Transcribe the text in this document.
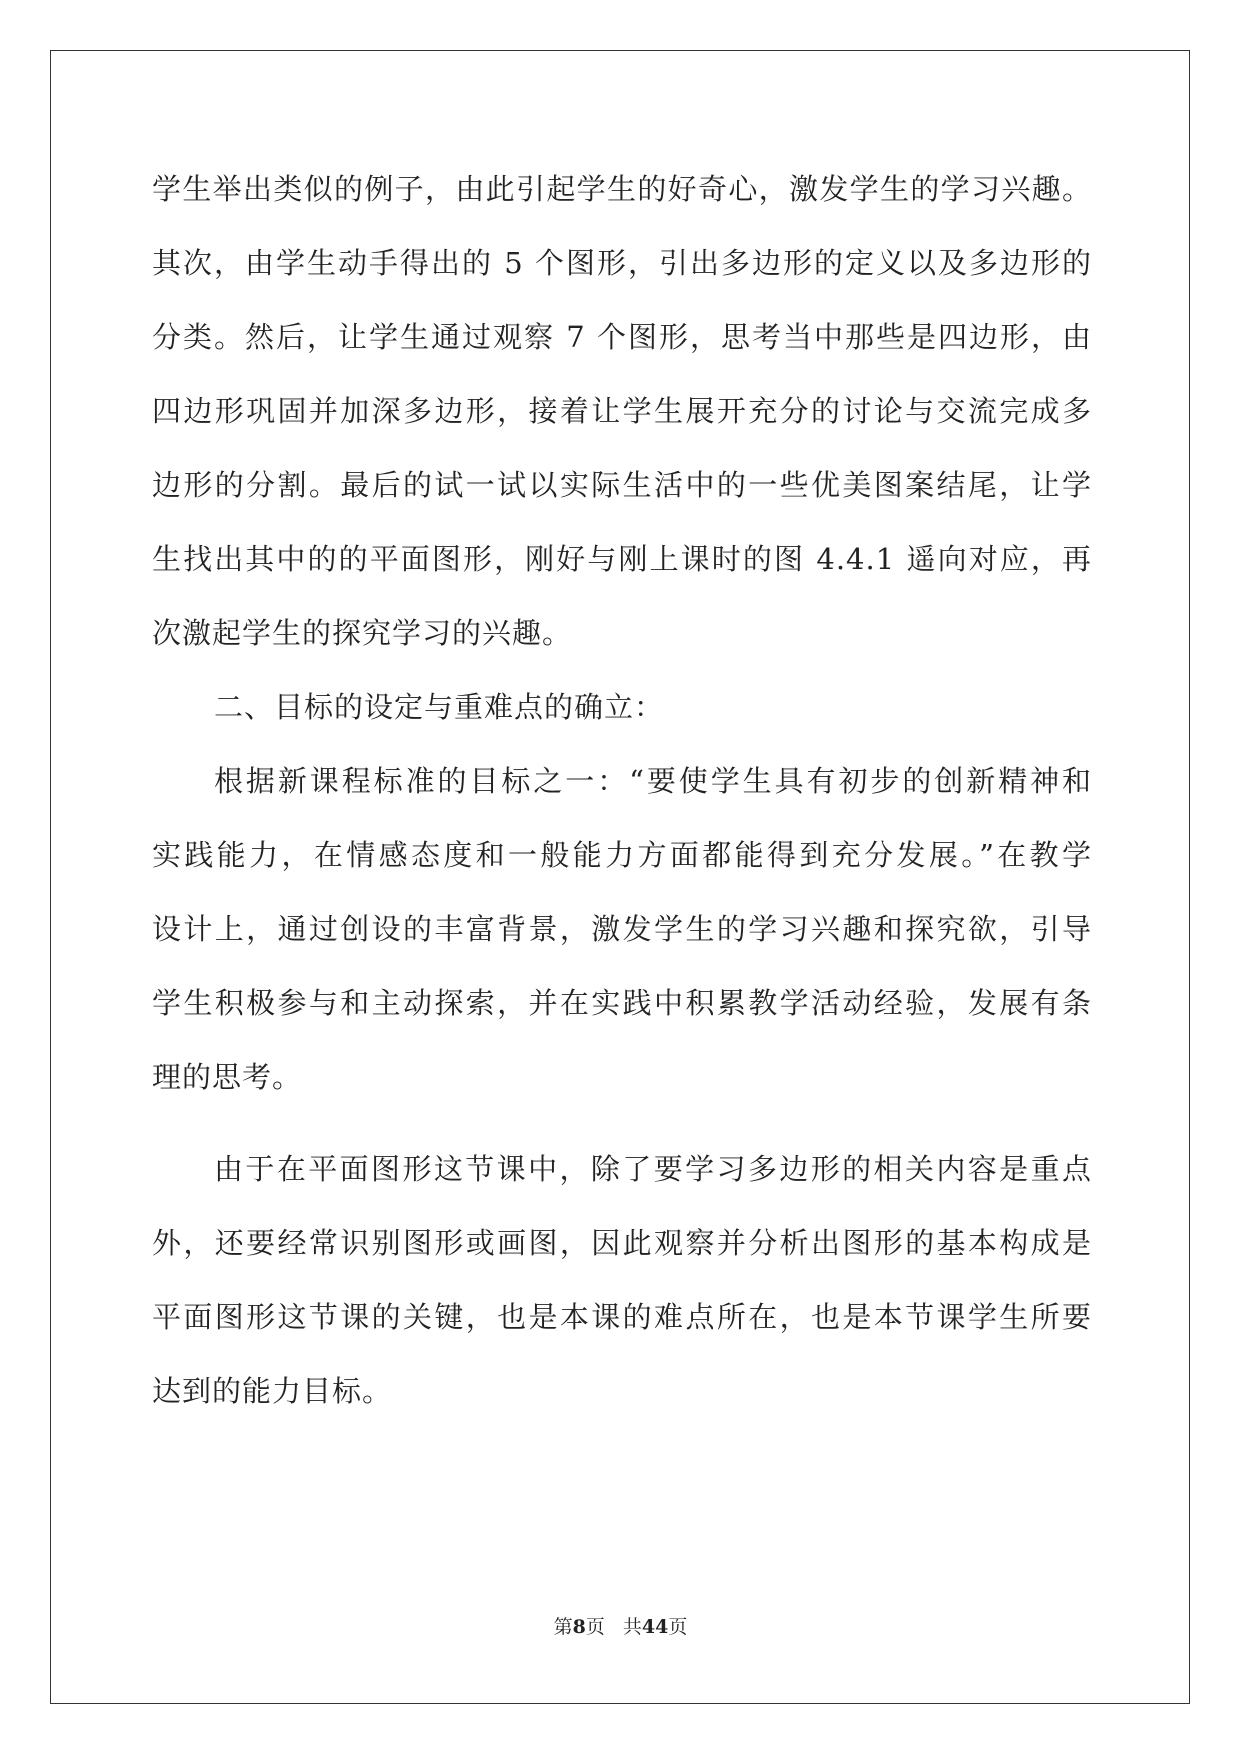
学生举出类似的例子，由此引起学生的好奇心，激发学生的学习兴趣。
其次，由学生动手得出的 5 个图形，引出多边形的定义以及多边形的
分类。然后，让学生通过观察 7 个图形，思考当中那些是四边形，由
四边形巩固并加深多边形，接着让学生展开充分的讨论与交流完成多
边形的分割。最后的试一试以实际生活中的一些优美图案结尾，让学
生找出其中的的平面图形，刚好与刚上课时的图 4.4.1 遥向对应，再
次激起学生的探究学习的兴趣。
二、目标的设定与重难点的确立：
根据新课程标准的目标之一：“要使学生具有初步的创新精神和
实践能力，在情感态度和一般能力方面都能得到充分发展。”在教学
设计上，通过创设的丰富背景，激发学生的学习兴趣和探究欲，引导
学生积极参与和主动探索，并在实践中积累教学活动经验，发展有条
理的思考。
由于在平面图形这节课中，除了要学习多边形的相关内容是重点
外，还要经常识别图形或画图，因此观察并分析出图形的基本构成是
平面图形这节课的关键，也是本课的难点所在，也是本节课学生所要
达到的能力目标。
第8页 共44页
